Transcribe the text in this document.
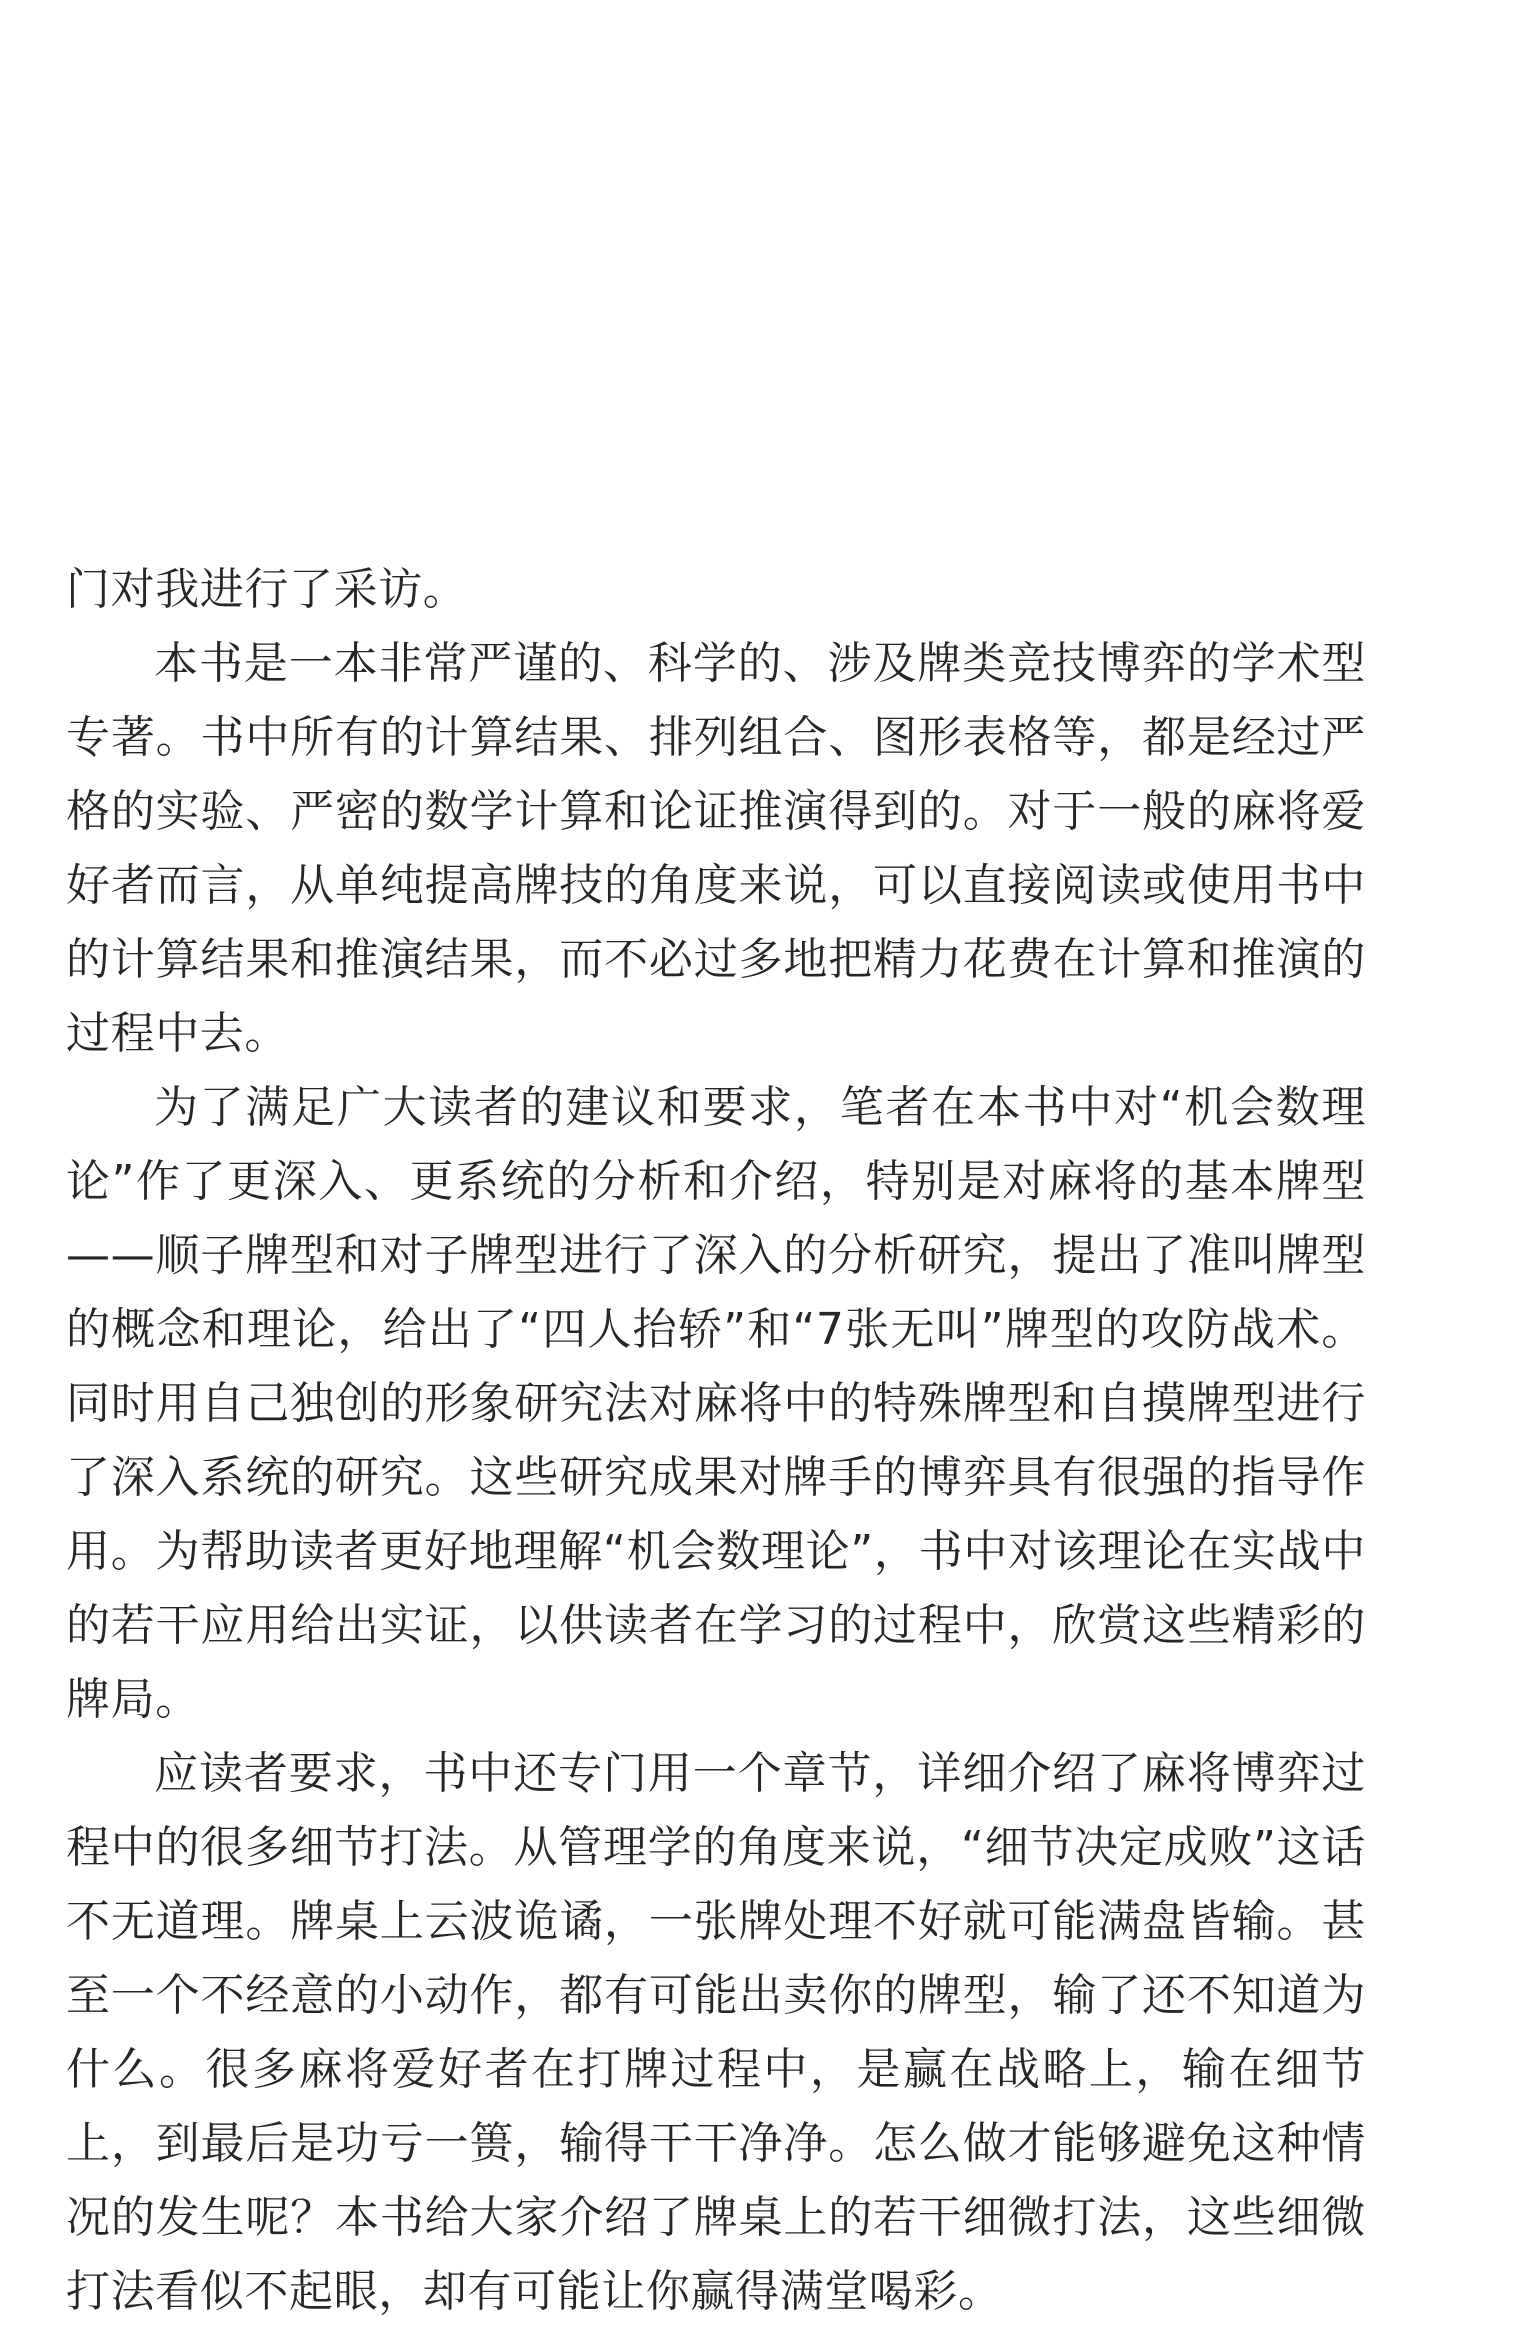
门对我进行了采访。

本书是一本非常严谨的、科学的、涉及牌类竞技博弈的学术型专著。书中所有的计算结果、排列组合、图形表格等，都是经过严格的实验、严密的数学计算和论证推演得到的。对于一般的麻将爱好者而言，从单纯提高牌技的角度来说，可以直接阅读或使用书中的计算结果和推演结果，而不必过多地把精力花费在计算和推演的过程中去。

为了满足广大读者的建议和要求，笔者在本书中对“机会数理论”作了更深入、更系统的分析和介绍，特别是对麻将的基本牌型——顺子牌型和对子牌型进行了深入的分析研究，提出了准叫牌型的概念和理论，给出了“四人抬轿”和“7张无叫”牌型的攻防战术。同时用自己独创的形象研究法对麻将中的特殊牌型和自摸牌型进行了深入系统的研究。这些研究成果对牌手的博弈具有很强的指导作用。为帮助读者更好地理解“机会数理论”，书中对该理论在实战中的若干应用给出实证，以供读者在学习的过程中，欣赏这些精彩的牌局。

应读者要求，书中还专门用一个章节，详细介绍了麻将博弈过程中的很多细节打法。从管理学的角度来说，“细节决定成败”这话不无道理。牌桌上云波诡谲，一张牌处理不好就可能满盘皆输。甚至一个不经意的小动作，都有可能出卖你的牌型，输了还不知道为什么。很多麻将爱好者在打牌过程中，是赢在战略上，输在细节上，到最后是功亏一篑，输得干干净净。怎么做才能够避免这种情况的发生呢？本书给大家介绍了牌桌上的若干细微打法，这些细微打法看似不起眼，却有可能让你赢得满堂喝彩。
